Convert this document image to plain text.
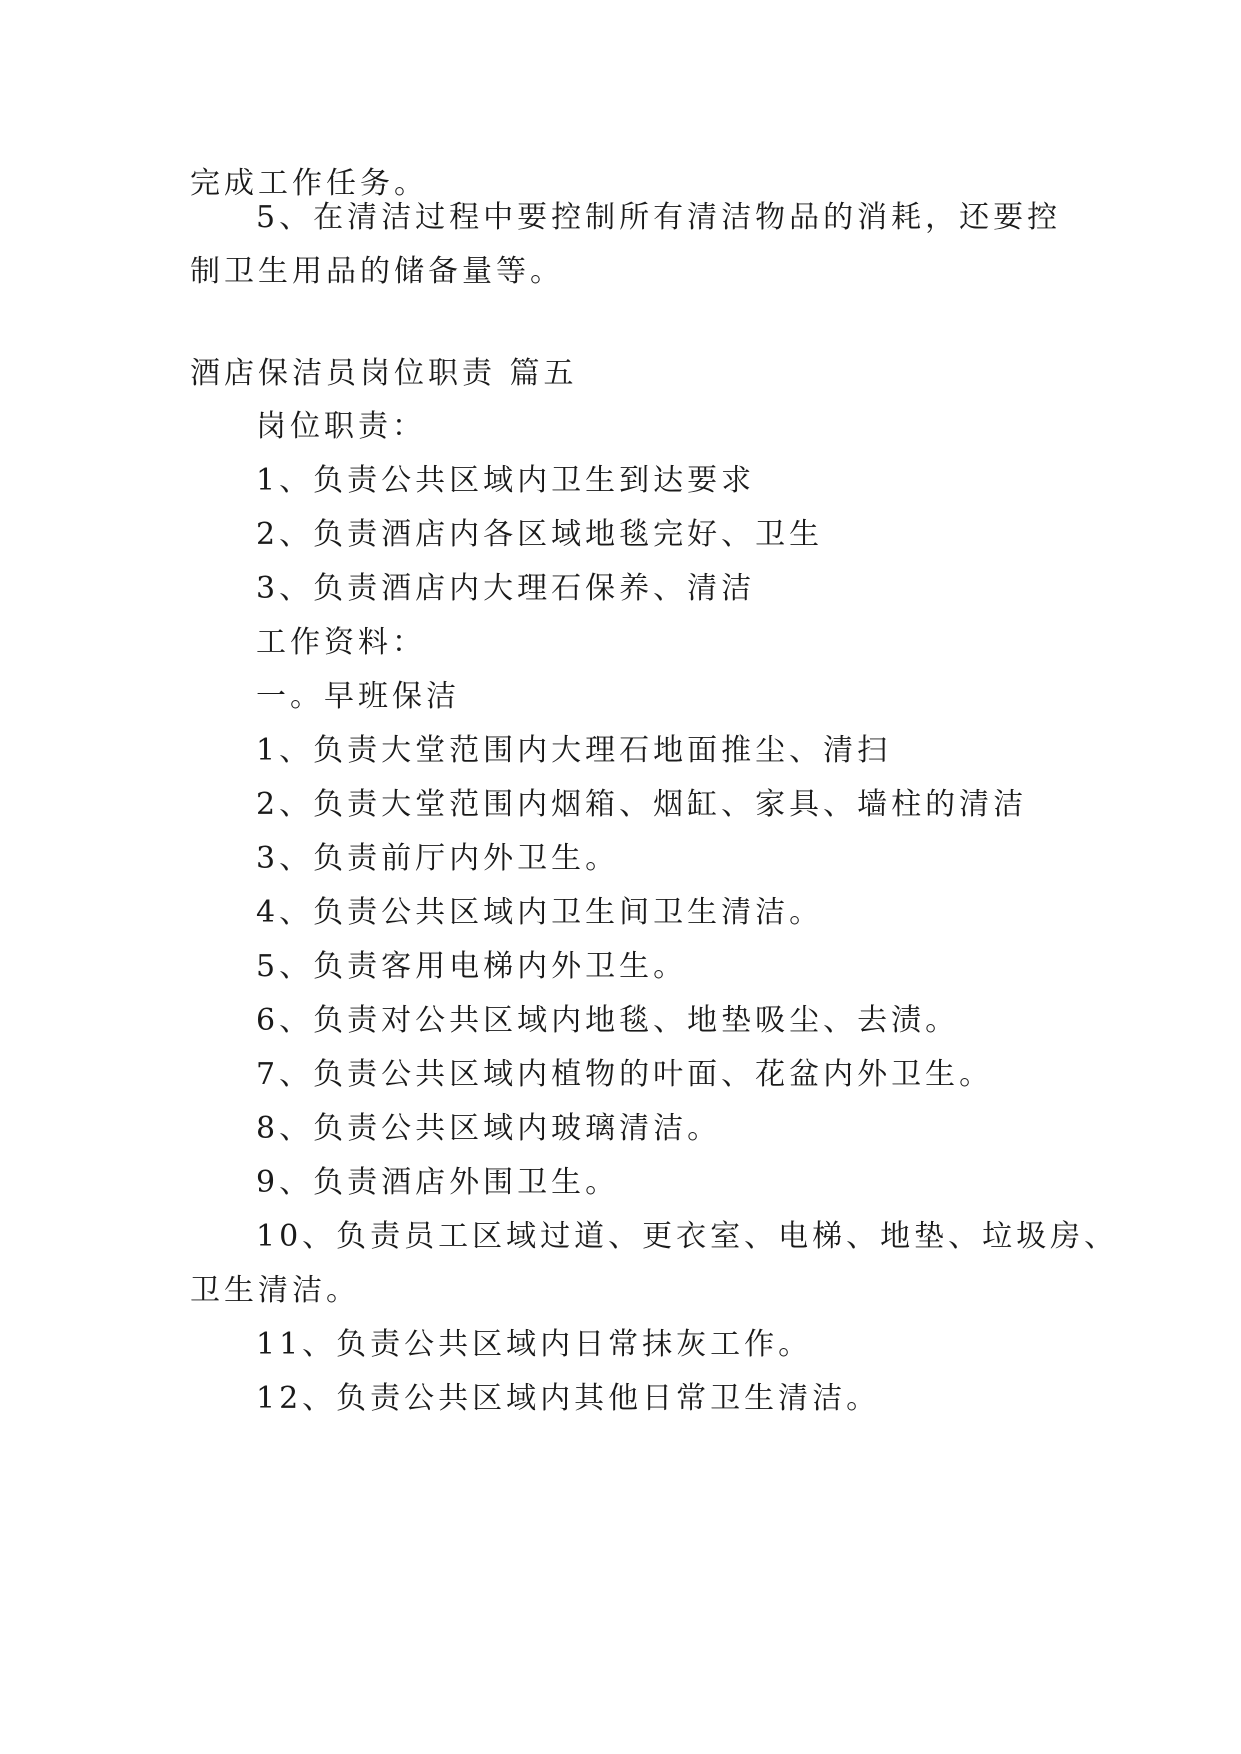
完成工作任务。
5、在清洁过程中要控制所有清洁物品的消耗，还要控
制卫生用品的储备量等。
酒店保洁员岗位职责 篇五
岗位职责：
1、负责公共区域内卫生到达要求
2、负责酒店内各区域地毯完好、卫生
3、负责酒店内大理石保养、清洁
工作资料：
一。早班保洁
1、负责大堂范围内大理石地面推尘、清扫
2、负责大堂范围内烟箱、烟缸、家具、墙柱的清洁
3、负责前厅内外卫生。
4、负责公共区域内卫生间卫生清洁。
5、负责客用电梯内外卫生。
6、负责对公共区域内地毯、地垫吸尘、去渍。
7、负责公共区域内植物的叶面、花盆内外卫生。
8、负责公共区域内玻璃清洁。
9、负责酒店外围卫生。
10、负责员工区域过道、更衣室、电梯、地垫、垃圾房、
卫生清洁。
11、负责公共区域内日常抹灰工作。
12、负责公共区域内其他日常卫生清洁。
